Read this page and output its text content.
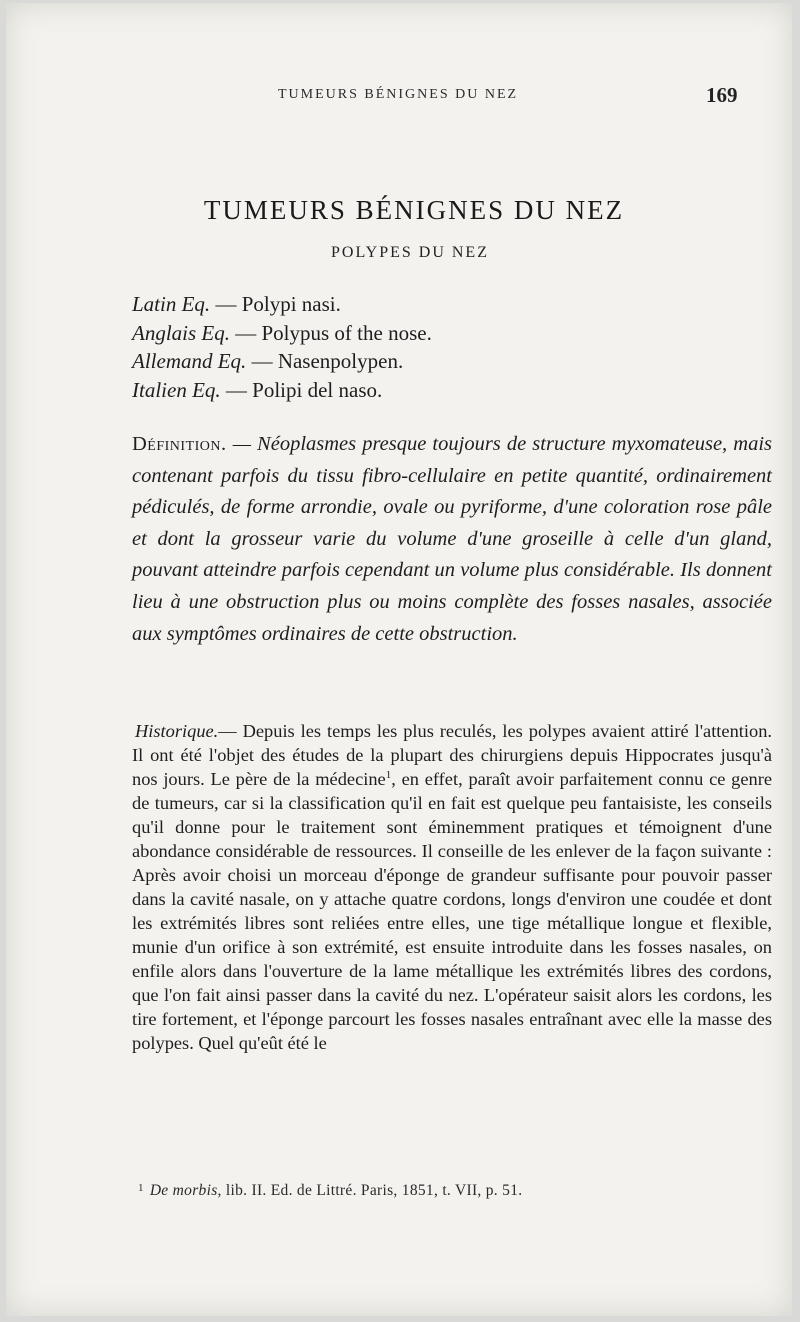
TUMEURS BÉNIGNES DU NEZ	169
TUMEURS BÉNIGNES DU NEZ
POLYPES DU NEZ
Latin Eq. — Polypi nasi.
Anglais Eq. — Polypus of the nose.
Allemand Eq. — Nasenpolypen.
Italien Eq. — Polipi del naso.
Définition. — Néoplasmes presque toujours de structure myxomateuse, mais contenant parfois du tissu fibro-cellulaire en petite quantité, ordinairement pédiculés, de forme arrondie, ovale ou pyriforme, d'une coloration rose pâle et dont la grosseur varie du volume d'une groseille à celle d'un gland, pouvant atteindre parfois cependant un volume plus considérable. Ils donnent lieu à une obstruction plus ou moins complète des fosses nasales, associée aux symptômes ordinaires de cette obstruction.
Historique.— Depuis les temps les plus reculés, les polypes avaient attiré l'attention. Il ont été l'objet des études de la plupart des chirurgiens depuis Hippocrates jusqu'à nos jours. Le père de la médecine$^1$, en effet, paraît avoir parfaitement connu ce genre de tumeurs, car si la classification qu'il en fait est quelque peu fantaisiste, les conseils qu'il donne pour le traitement sont éminemment pratiques et témoignent d'une abondance considérable de ressources. Il conseille de les enlever de la façon suivante : Après avoir choisi un morceau d'éponge de grandeur suffisante pour pouvoir passer dans la cavité nasale, on y attache quatre cordons, longs d'environ une coudée et dont les extrémités libres sont reliées entre elles, une tige métallique longue et flexible, munie d'un orifice à son extrémité, est ensuite introduite dans les fosses nasales, on enfile alors dans l'ouverture de la lame métallique les extrémités libres des cordons, que l'on fait ainsi passer dans la cavité du nez. L'opérateur saisit alors les cordons, les tire fortement, et l'éponge parcourt les fosses nasales entraînant avec elle la masse des polypes. Quel qu'eût été le
$^1$ De morbis, lib. II. Ed. de Littré. Paris, 1851, t. VII, p. 51.
